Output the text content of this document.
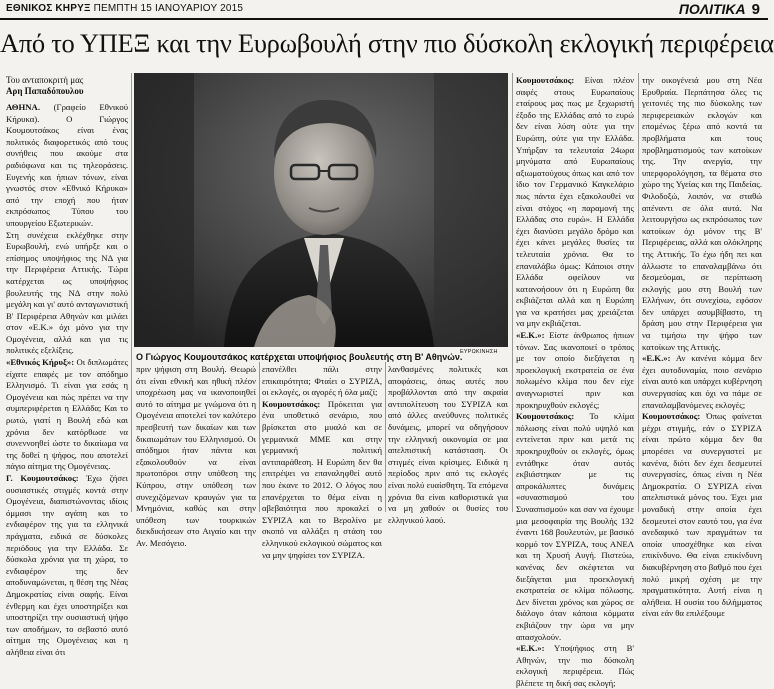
ΕΘΝΙΚΟΣ ΚΗΡΥΞ ΠΕΜΠΤΗ 15 ΙΑΝΟΥΑΡΙΟΥ 2015	ΠΟΛΙΤΙΚΑ 9
Από το ΥΠΕΞ και την Ευρωβουλή στην πιο δύσκολη εκλογική περιφέρεια
Του ανταποκριτή μας
Αρη Παπαδόπουλου

ΑΘΗΝΑ. (Γραφείο Εθνικού Κήρυκα). Ο Γιώργος Κουμουτσάκος είναι ένας πολιτικός διαφορετικός από τους συνήθεις που ακούμε στα ραδιόφωνα και τις τηλεοράσεις. Ευγενής και ήπιων τόνων, είναι γνωστός στον «Εθνικό Κήρυκα» από την εποχή που ήταν εκπρόσωπος Τύπου του υπουργείου Εξωτερικών.

Στη συνέχεια εκλέχθηκε στην Ευρωβουλή, ενώ υπήρξε και ο επίσημος υποψήφιος της ΝΔ για την Περιφέρεια Αττικής. Τώρα κατέρχεται ως υποψήφιος βουλευτής της ΝΔ στην πολύ μεγάλη και γι' αυτό ανταγωνιστική Β' Περιφέρεια Αθηνών και μιλάει στον «Ε.Κ.» όχι μόνο για την Ομογένεια, αλλά και για τις πολιτικές εξελίξεις.

«Εθνικός Κήρυξ»: Οι διπλωμάτες είχατε επαφές με τον απόδημο Ελληνισμό. Τι είναι για εσάς η Ομογένεια και πώς πρέπει να την συμπεριφέρεται η Ελλάδα; Και το ρωτώ, γιατί η Βουλή εδώ και χρόνια δεν κατόρθωσε να συνεννοηθεί ώστε το δικαίωμα να της δοθεί η ψήφος, που αποτελεί πάγιο αίτημα της Ομογένειας.

Γ. Κουμουτσάκος: Έχω ζήσει ουσιαστικές στιγμές κοντά στην Ομογένεια, διαπιστώνοντας ιδίοις όμμασι την αγάπη και το ενδιαφέρον της για τα ελληνικά πράγματα, ειδικά σε δύσκολες περιόδους για την Ελλάδα. Σε δύσκολα χρόνια για τη χώρα, το ενδιαφέρον της δεν αποδυναμώνεται, η θέση της Νέας Δημοκρατίας είναι σαφής. Είναι ένθερμη και έχει υποστηρίξει και υποστηρίζει την ουσιαστική ψήφο των αποδήμων, το σεβαστό αυτό αίτημα της Ομογένειας και η αλήθεια είναι ότι

ΕΥΡΩΚΙΝΗΣΗ
Ο Γιώργος Κουμουτσάκος κατέρχεται υποψήφιος βουλευτής στη Β' Αθηνών.

πριν ψήφιση στη Βουλή. Θεωρώ ότι είναι εθνική και ηθική πλέον υποχρέωση μας να ικανοποιηθεί αυτό το αίτημα με γνώμονα ότι η Ομογένεια αποτελεί τον καλύτερο πρεσβευτή των δικαίων και των δικαιωμάτων του Ελληνισμού. Οι απόδημοι ήταν πάντα και εξακολουθούν να είναι πρωτοπόροι στην υπόθεση της Κύπρου, στην υπόθεση των συνεχιζόμενων κραυγών για τα Μνημόνια, καθώς και στην υπόθεση των τουρκικών διεκδικήσεων στο Αιγαίο και την Αν. Μεσόγειο.

επανέλθει πάλι στην επικαιρότητα; Φταίει ο ΣΥΡΙΖΑ, οι εκλογές, οι αγορές ή όλα μαζί;

Κουμουτσάκος: Πρόκειται για ένα υποθετικό σενάριο, που βρίσκεται στο μυαλό και σε γερμανικά ΜΜΕ και στην γερμανική πολιτική αντιπαράθεση. Η Ευρώπη δεν θα επιτρέψει να επαναληφθεί αυτό που έκανε το 2012. Ο λόγος που επανέρχεται το θέμα είναι η αβεβαιότητα που προκαλεί ο ΣΥΡΙΖΑ και το Βερολίνο με σκοπό να αλλάξει η στάση του ελληνικού εκλογικού σώματος και να μην ψηφίσει τον ΣΥΡΙΖΑ.

λανθασμένες πολιτικές και αποφάσεις, όπως αυτές που προβάλλονται από την ακραία αντιπολίτευση του ΣΥΡΙΖΑ και από άλλες ανεύθυνες πολιτικές δυνάμεις, μπορεί να οδηγήσουν την ελληνική οικονομία σε μια απελπιστική κατάσταση. Οι στιγμές είναι κρίσιμες. Ειδικά η περίοδος πριν από τις εκλογές είναι πολύ ευαίσθητη. Τα επόμενα χρόνια θα είναι καθοριστικά για να μη χαθούν οι θυσίες του ελληνικού λαού.

Κουμουτσάκος: Είναι πλέον σαφές στους Ευρωπαίους εταίρους μας πως με ξεχωριστή έξοδο της Ελλάδας από το ευρώ δεν είναι λύση ούτε για την Ευρώπη, ούτε για την Ελλάδα. Υπήρξαν τα τελευταία 24ωρα μηνύματα από Ευρωπαίους αξιωματούχους όπως και από τον ίδιο τον Γερμανικό Καγκελάριο πως πάντα έχει εξακολουθεί να είναι στόχος «η παραμονή της Ελλάδας στο ευρώ». Η Ελλάδα έχει διανύσει μεγάλο δρόμο και έχει κάνει μεγάλες θυσίες τα τελευταία χρόνια. Θα το επαναλάβω όμως: Κάποιοι στην Ελλάδα οφείλουν να κατανοήσουν ότι η Ευρώπη θα εκβιάζεται αλλά και η Ευρώπη για να κρατήσει μας χρειάζεται να μην εκβιάζεται.

«Ε.Κ.»: Είστε άνθρωπος ήπιων τόνων. Σας ικανοποιεί ο τρόπος με τον οποίο διεξάγεται η προεκλογική εκστρατεία σε ένα πολωμένο κλίμα που δεν είχε αναγνωριστεί πριν και προκηρυχθούν εκλογές;

Κουμουτσάκος: Το κλίμα πόλωσης είναι πολύ υψηλό και εντείνεται πριν και μετά τις προκηρυχθούν οι εκλογές, όμως εντάθηκε όταν αυτός εκβιάστηκαν με τις απροκάλυπτες δυνάμεις «συνασπισμού του Συνασπισμού» και σαν να έχουμε μια μεσοφαιρία της Βουλής 132 έναντι 168 βουλευτών, με βασικό κορμό τον ΣΥΡΙΖΑ, τους ΑΝΕΛ και τη Χρυσή Αυγή. Πιστεύω, κανένας δεν σκέφτεται να διεξάγεται μια προεκλογική εκστρατεία σε κλίμα πόλωσης. Δεν δίνεται χρόνος και χώρος σε διάλογο όταν κάποια κόμματα εκβιάζουν την ώρα να μην απασχολούν.

«Ε.Κ.»: Υποψήφιος στη Β' Αθηνών, την πιο δύσκολη εκλογική περιφέρεια. Πώς βλέπετε τη δική σας εκλογή;

την οικογένειά μου στη Νέα Ερυθραία. Περπάτησα όλες τις γειτονιές της πιο δύσκολης των περιφερειακών εκλογών και επομένως ξέρω από κοντά τα προβλήματα και τους προβληματισμούς των κατοίκων της. Την ανεργία, την υπερφορολόγηση, τα θέματα στο χώρο της Υγείας και της Παιδείας. Φιλοδοξώ, λοιπόν, να σταθώ απέναντι σε όλα αυτά. Να λειτουργήσω ως εκπρόσωπος των κατοίκων όχι μόνον της Β' Περιφέρειας, αλλά και ολόκληρης της Αττικής. Το έχω ήδη πει και άλλωστε το επαναλαμβάνω ότι δεσμεύομαι, σε περίπτωση εκλογής μου στη Βουλή των Ελλήνων, ότι συνεχίσω, εφόσον δεν υπάρχει ασυμβίβαστο, τη δράση μου στην Περιφέρεια για να τιμήσω την ψήφο των κατοίκων της Αττικής.

«Ε.Κ.»: Αν κανένα κόμμα δεν έχει αυτοδυναμία, ποιο σενάριο είναι αυτό και υπάρχει κυβέρνηση συνεργασίας και όχι να πάμε σε επαναλαμβανόμενες εκλογές;

Κουμουτσάκος: Όπως φαίνεται μέχρι στιγμής, εάν ο ΣΥΡΙΖΑ είναι πρώτο κόμμα δεν θα μπορέσει να συνεργαστεί με κανένα, διότι δεν έχει δεσμευτεί συνεργασίες, όπως είναι η Νέα Δημοκρατία. Ο ΣΥΡΙΖΑ είναι απελπιστικά μόνος του. Έχει μια μοναδική στην οποία έχει δεσμευτεί στον εαυτό του, για ένα ανεδαφικό των πραγμάτων τα οποία υποσχέθηκε και είναι επικίνδυνο. Θα είναι επικίνδυνη διακυβέρνηση στο βαθμό που έχει πολύ μικρή σχέση με την πραγματικότητα. Αυτή είναι η αλήθεια. Η ουσία του διλήμματος είναι εάν θα επιλέξουμε
